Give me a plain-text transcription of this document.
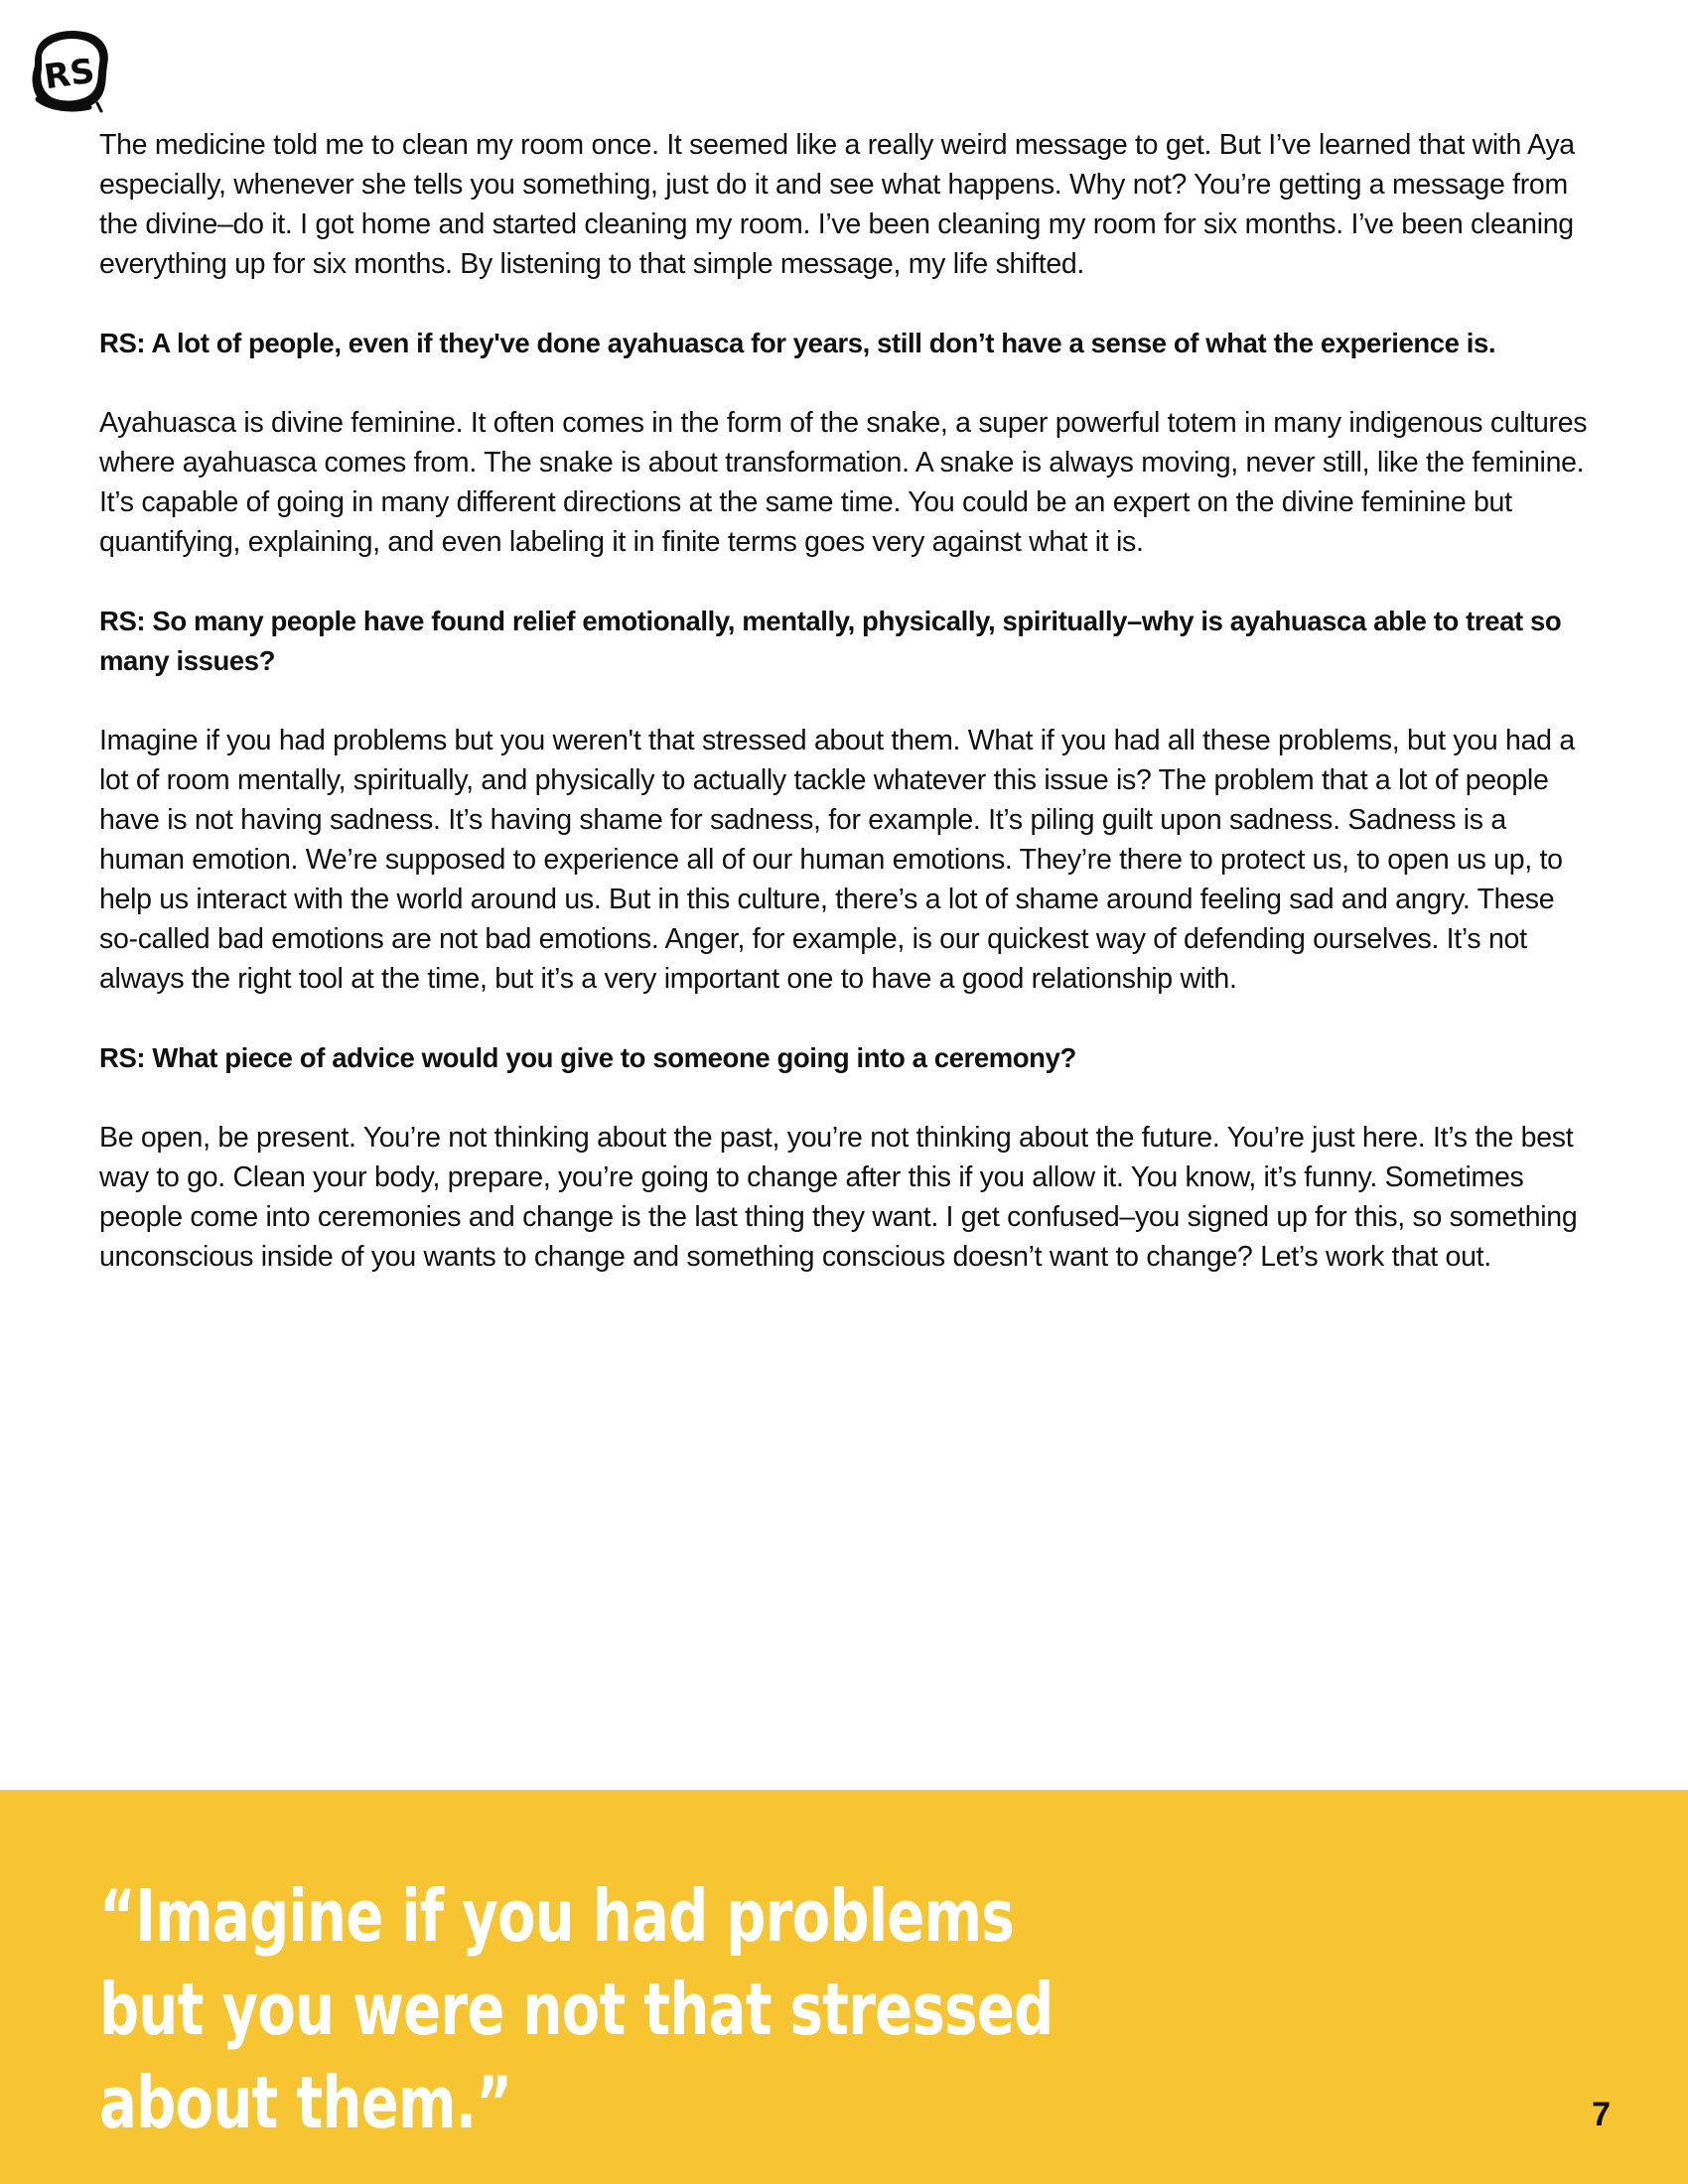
RS

The medicine told me to clean my room once. It seemed like a really weird message to get. But I’ve learned that with Aya especially, whenever she tells you something, just do it and see what happens. Why not? You’re getting a message from the divine–do it. I got home and started cleaning my room. I’ve been cleaning my room for six months. I’ve been cleaning everything up for six months. By listening to that simple message, my life shifted.

RS: A lot of people, even if they've done ayahuasca for years, still don’t have a sense of what the experience is.

Ayahuasca is divine feminine. It often comes in the form of the snake, a super powerful totem in many indigenous cultures where ayahuasca comes from. The snake is about transformation. A snake is always moving, never still, like the feminine. It’s capable of going in many different directions at the same time. You could be an expert on the divine feminine but quantifying, explaining, and even labeling it in finite terms goes very against what it is.

RS: So many people have found relief emotionally, mentally, physically, spiritually–why is ayahuasca able to treat so many issues?

Imagine if you had problems but you weren't that stressed about them. What if you had all these problems, but you had a lot of room mentally, spiritually, and physically to actually tackle whatever this issue is? The problem that a lot of people have is not having sadness. It’s having shame for sadness, for example. It’s piling guilt upon sadness. Sadness is a human emotion. We’re supposed to experience all of our human emotions. They’re there to protect us, to open us up, to help us interact with the world around us. But in this culture, there’s a lot of shame around feeling sad and angry. These so-called bad emotions are not bad emotions. Anger, for example, is our quickest way of defending ourselves. It’s not always the right tool at the time, but it’s a very important one to have a good relationship with.

RS: What piece of advice would you give to someone going into a ceremony?

Be open, be present. You’re not thinking about the past, you’re not thinking about the future. You’re just here. It’s the best way to go. Clean your body, prepare, you’re going to change after this if you allow it. You know, it’s funny. Sometimes people come into ceremonies and change is the last thing they want. I get confused–you signed up for this, so something unconscious inside of you wants to change and something conscious doesn’t want to change? Let’s work that out.

“Imagine if you had problems but you were not that stressed about them.”	7
